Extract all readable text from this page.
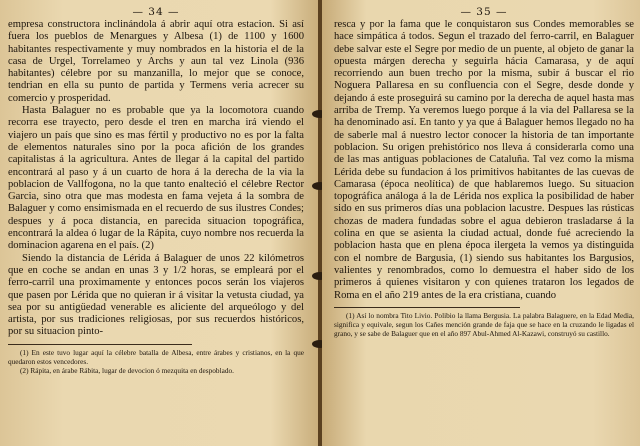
— 34 —

empresa constructora inclinándola á abrir aquí otra estacion. Si así fuera los pueblos de Menargues y Albesa (1) de 1100 y 1600 habitantes respectivamente y muy nombrados en la historia el de la casa de Urgel, Torrelameo y Archs y aun tal vez Linola (936 habitantes) célebre por su manzanilla, lo mejor que se conoce, tendrian en ella su punto de partida y Termens veria acrecer su comercio y prosperidad.

Hasta Balaguer no es probable que ya la locomotora cuando recorra ese trayecto, pero desde el tren en marcha irá viendo el viajero un país que sino es mas fértil y productivo no es por la falta de elementos naturales sino por la poca afición de los grandes capitalistas á la agricultura. Antes de llegar á la capital del partido encontrará al paso y á un cuarto de hora á la derecha de la via la poblacion de Vallfogona, no la que tanto enalteció el célebre Rector Garcia, sino otra que mas modesta en fama vejeta á la sombra de Balaguer y como ensimismada en el recuerdo de sus ilustres Condes; despues y á poca distancia, en parecida situacion topográfica, encontrará la aldea ó lugar de la Rápita, cuyo nombre nos recuerda la dominacion agarena en el país. (2)

Siendo la distancia de Lérida á Balaguer de unos 22 kilómetros que en coche se andan en unas 3 y 1/2 horas, se empleará por el ferro-carril una proximamente y entonces pocos serán los viajeros que pasen por Lérida que no quieran ir á visitar la vetusta ciudad, ya sea por su antigüedad venerable es aliciente del arqueólogo y del artista, por sus tradiciones religiosas, por sus recuerdos históricos, por su situacion pinto-

(1) En este tuvo lugar aquí la célebre batalla de Albesa, entre árabes y cristianos, en la que quedaron estos vencedores.

(2) Rápita, en árabe Rábita, lugar de devocion ó mezquita en despoblado.

— 35 —

resca y por la fama que le conquistaron sus Condes memorables se hace simpática á todos. Segun el trazado del ferro-carril, en Balaguer debe salvar este el Segre por medio de un puente, al objeto de ganar la opuesta márgen derecha y seguirla hácia Camarasa, y de aquí recorriendo aun buen trecho por la misma, subir á buscar el rio Noguera Pallaresa en su confluencia con el Segre, desde donde y dejando á este proseguirá su camino por la derecha de aquel hasta mas arriba de Tremp. Ya veremos luego porque á la via del Pallaresa se la ha denominado así. En tanto y ya que á Balaguer hemos llegado no ha de saberle mal á nuestro lector conocer la historia de tan importante poblacion. Su origen prehistórico nos lleva á considerarla como una de las mas antiguas poblaciones de Cataluña. Tal vez como la misma Lérida debe su fundacion á los primitivos habitantes de las cuevas de Camarasa (época neolítica) de que hablaremos luego. Su situacion topográfica análoga á la de Lérida nos explica la posibilidad de haber sido en sus primeros días una poblacion lacustre. Despues las rústicas chozas de madera fundadas sobre el agua debieron trasladarse á la colina en que se asienta la ciudad actual, donde fué acreciendo la poblacion hasta que en plena época ilergeta la vemos ya distinguida con el nombre de Bargusia, (1) siendo sus habitantes los Bargusios, valientes y renombrados, como lo demuestra el haber sido de los primeros á quienes visitaron y con quienes trataron los legados de Roma en el año 219 antes de la era cristiana, cuando

(1) Así lo nombra Tito Livio. Polibio la llama Bergusia. La palabra Balaguere, en la Edad Media, significa y equivale, segun los Cañes mención grande de faja que se hace en la cruzando le ligadas el grano, y se sabe de Balaguer que en el año 897 Abul-Ahmed Al-Kazawi, construyó su castillo.
